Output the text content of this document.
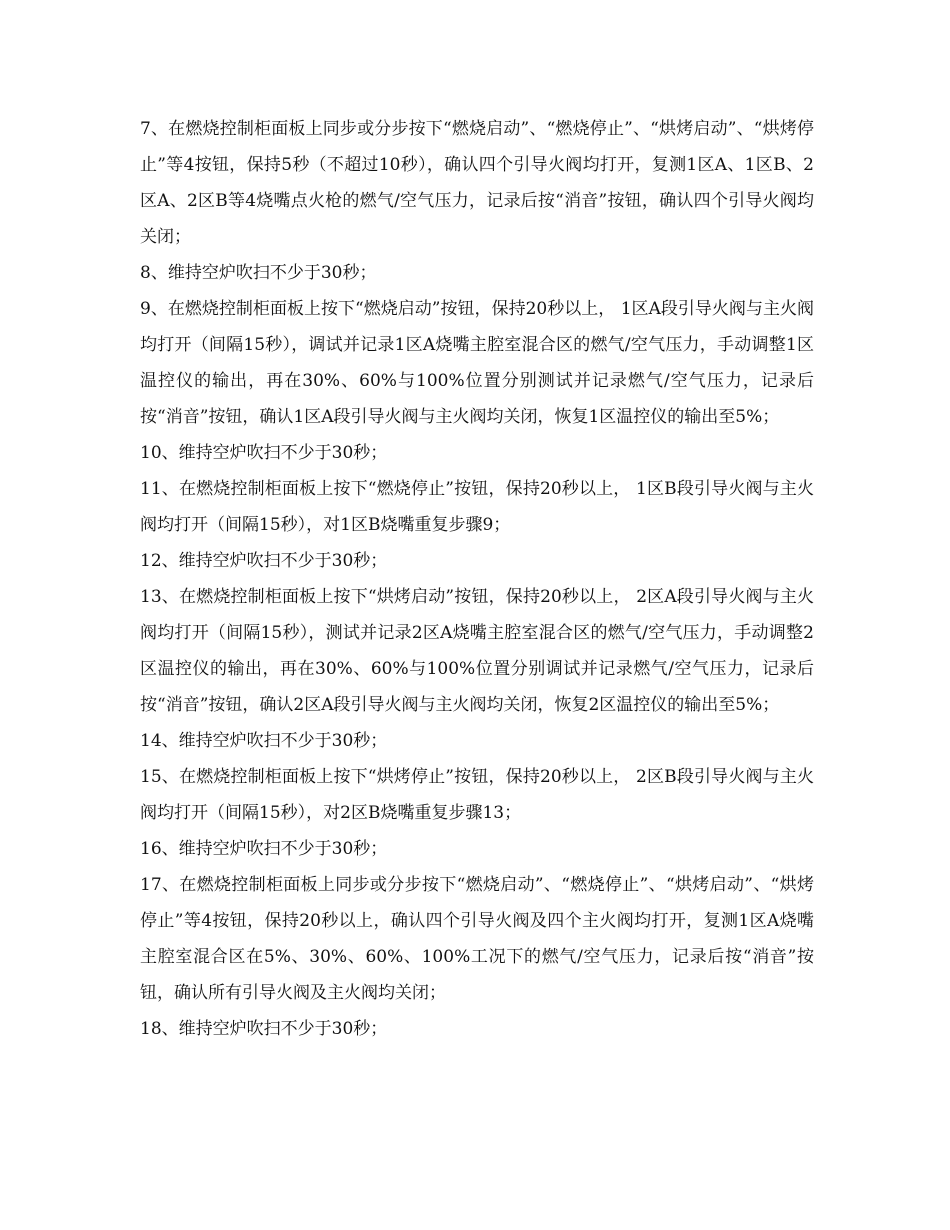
7、在燃烧控制柜面板上同步或分步按下“燃烧启动”、“燃烧停止”、“烘烤启动”、“烘烤停止”等4按钮，保持5秒（不超过10秒），确认四个引导火阀均打开，复测1区A、1区B、2区A、2区B等4烧嘴点火枪的燃气/空气压力，记录后按“消音”按钮，确认四个引导火阀均关闭；

8、维持空炉吹扫不少于30秒；

9、在燃烧控制柜面板上按下“燃烧启动”按钮，保持20秒以上， 1区A段引导火阀与主火阀均打开（间隔15秒），调试并记录1区A烧嘴主腔室混合区的燃气/空气压力，手动调整1区温控仪的输出，再在30%、60%与100%位置分别测试并记录燃气/空气压力，记录后按“消音”按钮，确认1区A段引导火阀与主火阀均关闭，恢复1区温控仪的输出至5%；

10、维持空炉吹扫不少于30秒；

11、在燃烧控制柜面板上按下“燃烧停止”按钮，保持20秒以上， 1区B段引导火阀与主火阀均打开（间隔15秒），对1区B烧嘴重复步骤9；

12、维持空炉吹扫不少于30秒；

13、在燃烧控制柜面板上按下“烘烤启动”按钮，保持20秒以上， 2区A段引导火阀与主火阀均打开（间隔15秒），测试并记录2区A烧嘴主腔室混合区的燃气/空气压力，手动调整2区温控仪的输出，再在30%、60%与100%位置分别调试并记录燃气/空气压力，记录后按“消音”按钮，确认2区A段引导火阀与主火阀均关闭，恢复2区温控仪的输出至5%；

14、维持空炉吹扫不少于30秒；

15、在燃烧控制柜面板上按下“烘烤停止”按钮，保持20秒以上， 2区B段引导火阀与主火阀均打开（间隔15秒），对2区B烧嘴重复步骤13；

16、维持空炉吹扫不少于30秒；

17、在燃烧控制柜面板上同步或分步按下“燃烧启动”、“燃烧停止”、“烘烤启动”、“烘烤停止”等4按钮，保持20秒以上，确认四个引导火阀及四个主火阀均打开，复测1区A烧嘴主腔室混合区在5%、30%、60%、100%工况下的燃气/空气压力，记录后按“消音”按钮，确认所有引导火阀及主火阀均关闭；

18、维持空炉吹扫不少于30秒；
